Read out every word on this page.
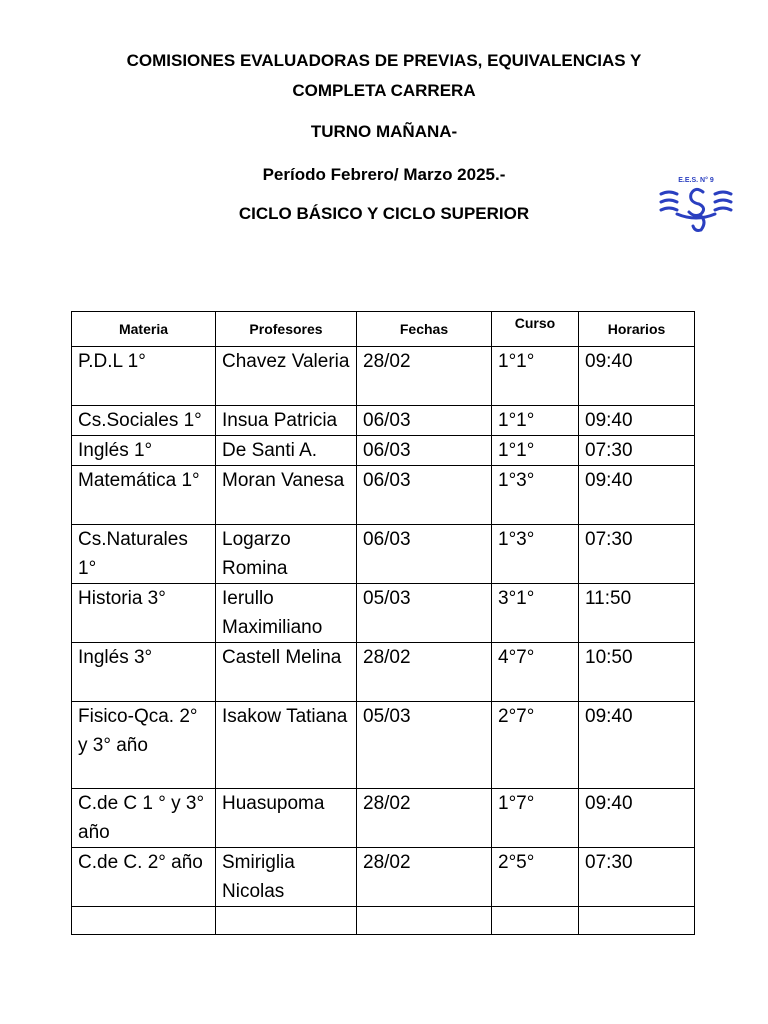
COMISIONES EVALUADORAS DE PREVIAS, EQUIVALENCIAS Y COMPLETA CARRERA
TURNO MAÑANA-
Período Febrero/ Marzo 2025.-
CICLO BÁSICO Y CICLO SUPERIOR
E.E.S. N° 9
Materia	Profesores	Fechas	Curso	Horarios
P.D.L 1°	Chavez Valeria	28/02	1°1°	09:40
Cs.Sociales 1°	Insua Patricia	06/03	1°1°	09:40
Inglés 1°	De Santi A.	06/03	1°1°	07:30
Matemática 1°	Moran Vanesa	06/03	1°3°	09:40
Cs.Naturales 1°	Logarzo Romina	06/03	1°3°	07:30
Historia 3°	Ierullo Maximiliano	05/03	3°1°	11:50
Inglés 3°	Castell Melina	28/02	4°7°	10:50
Fisico-Qca. 2° y 3° año	Isakow Tatiana	05/03	2°7°	09:40
C.de C 1 ° y 3° año	Huasupoma	28/02	1°7°	09:40
C.de C. 2° año	Smiriglia Nicolas	28/02	2°5°	07:30
